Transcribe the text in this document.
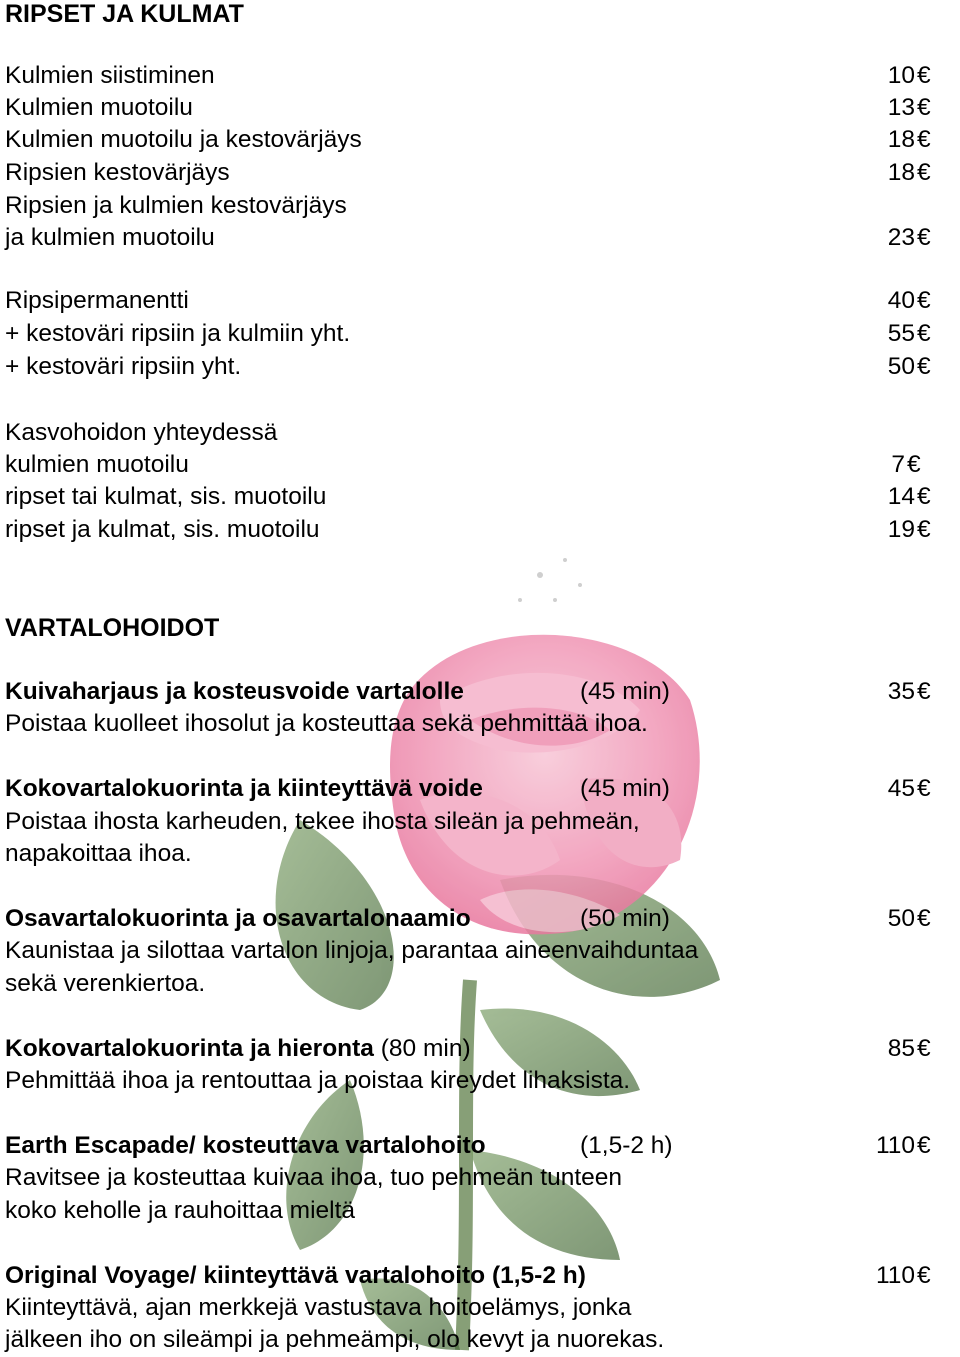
RIPSET JA KULMAT
Kulmien siistiminen	10 €
Kulmien muotoilu	13 €
Kulmien muotoilu ja kestovärjäys	18 €
Ripsien kestovärjäys	18 €
Ripsien ja kulmien kestovärjäys
ja kulmien muotoilu	23 €
Ripsipermanentti	40 €
+ kestoväri ripsiin ja kulmiin yht.	55 €
+ kestoväri ripsiin yht.	50 €
Kasvohoidon yhteydessä
kulmien muotoilu	7 €
ripset tai kulmat, sis. muotoilu	14 €
ripset ja kulmat, sis. muotoilu	19 €
VARTALOHOIDOT
Kuivaharjaus ja kosteusvoide vartalolle	(45 min)	35 €
Poistaa kuolleet ihosolut ja kosteuttaa sekä pehmittää ihoa.
Kokovartalokuorinta ja kiinteyttävä voide	(45 min)	45 €
Poistaa ihosta karheuden, tekee ihosta sileän ja pehmeän,
napakoittaa ihoa.
Osavartalokuorinta ja osavartalonaamio	(50 min)	50 €
Kaunistaa ja silottaa vartalon linjoja, parantaa aineenvaihduntaa
sekä verenkiertoa.
Kokovartalokuorinta ja hieronta (80 min)	85 €
Pehmittää ihoa ja rentouttaa ja poistaa kireydet lihaksista.
Earth Escapade/ kosteuttava vartalohoito	(1,5-2 h)	110 €
Ravitsee ja kosteuttaa kuivaa ihoa, tuo pehmeän tunteen
koko keholle ja rauhoittaa mieltä
Original Voyage/ kiinteyttävä vartalohoito (1,5-2 h)	110 €
Kiinteyttävä, ajan merkkejä vastustava hoitoelämys, jonka
jälkeen iho on sileämpi ja pehmeämpi, olo kevyt ja nuorekas.
